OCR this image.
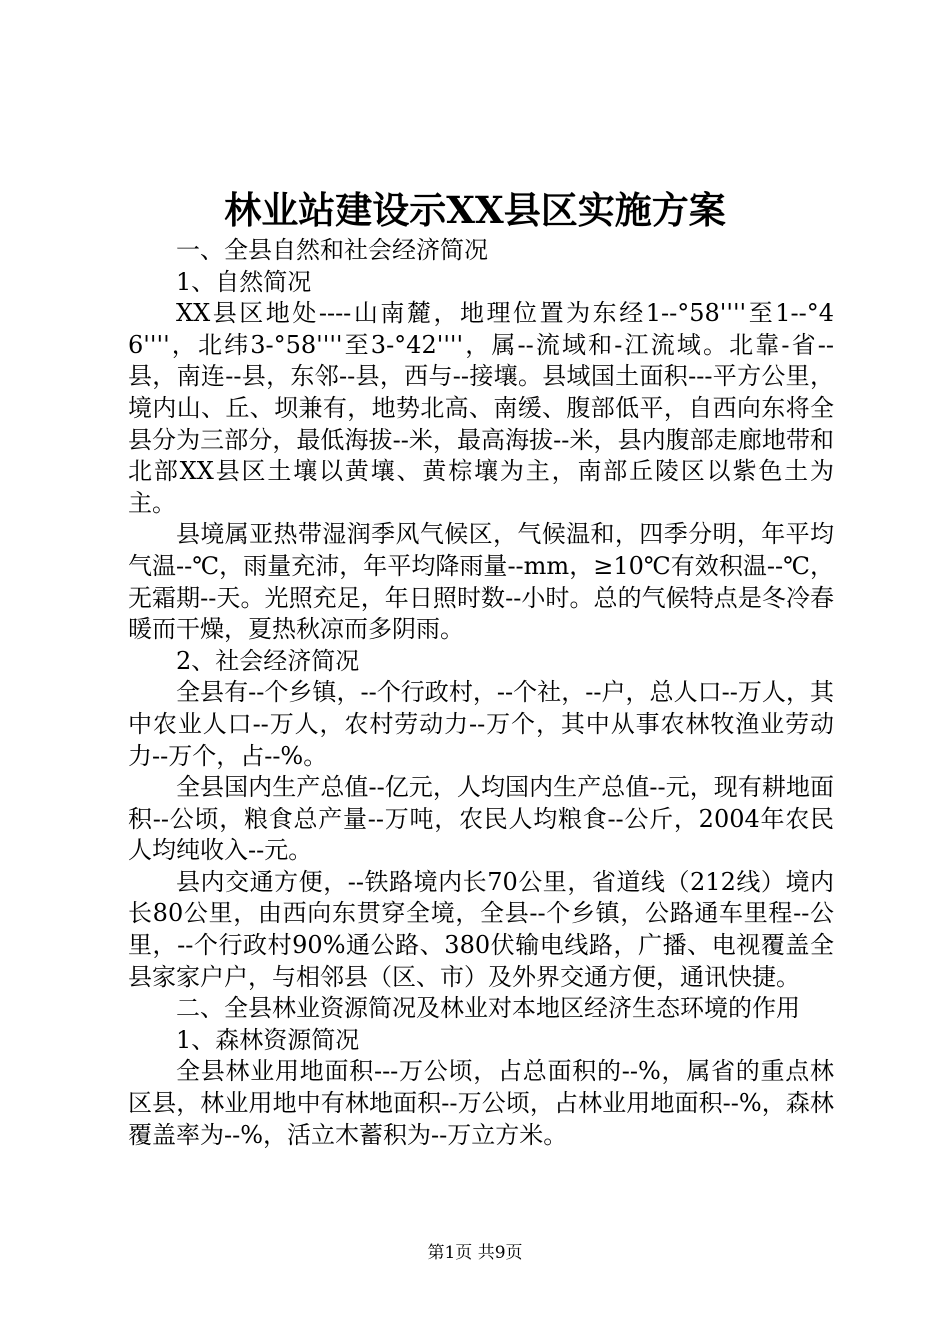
林业站建设示XX县区实施方案

一、全县自然和社会经济简况

1、自然简况

XX县区地处----山南麓，地理位置为东经1--°58''''至1--°46''''，北纬3-°58''''至3-°42''''，属--流域和-江流域。北靠-省--县，南连--县，东邻--县，西与--接壤。县域国土面积---平方公里，境内山、丘、坝兼有，地势北高、南缓、腹部低平，自西向东将全县分为三部分，最低海拔--米，最高海拔--米，县内腹部走廊地带和北部XX县区土壤以黄壤、黄棕壤为主，南部丘陵区以紫色土为主。

县境属亚热带湿润季风气候区，气候温和，四季分明，年平均气温--℃，雨量充沛，年平均降雨量--mm，≥10℃有效积温--℃，无霜期--天。光照充足，年日照时数--小时。总的气候特点是冬冷春暖而干燥，夏热秋凉而多阴雨。

2、社会经济简况

全县有--个乡镇，--个行政村，--个社，--户，总人口--万人，其中农业人口--万人，农村劳动力--万个，其中从事农林牧渔业劳动力--万个，占--%。

全县国内生产总值--亿元，人均国内生产总值--元，现有耕地面积--公顷，粮食总产量--万吨，农民人均粮食--公斤，2004年农民人均纯收入--元。

县内交通方便，--铁路境内长70公里，省道线（212线）境内长80公里，由西向东贯穿全境，全县--个乡镇，公路通车里程--公里，--个行政村90%通公路、380伏输电线路，广播、电视覆盖全县家家户户，与相邻县（区、市）及外界交通方便，通讯快捷。

二、全县林业资源简况及林业对本地区经济生态环境的作用

1、森林资源简况

全县林业用地面积---万公顷，占总面积的--%，属省的重点林区县，林业用地中有林地面积--万公顷，占林业用地面积--%，森林覆盖率为--%，活立木蓄积为--万立方米。

第1页 共9页
